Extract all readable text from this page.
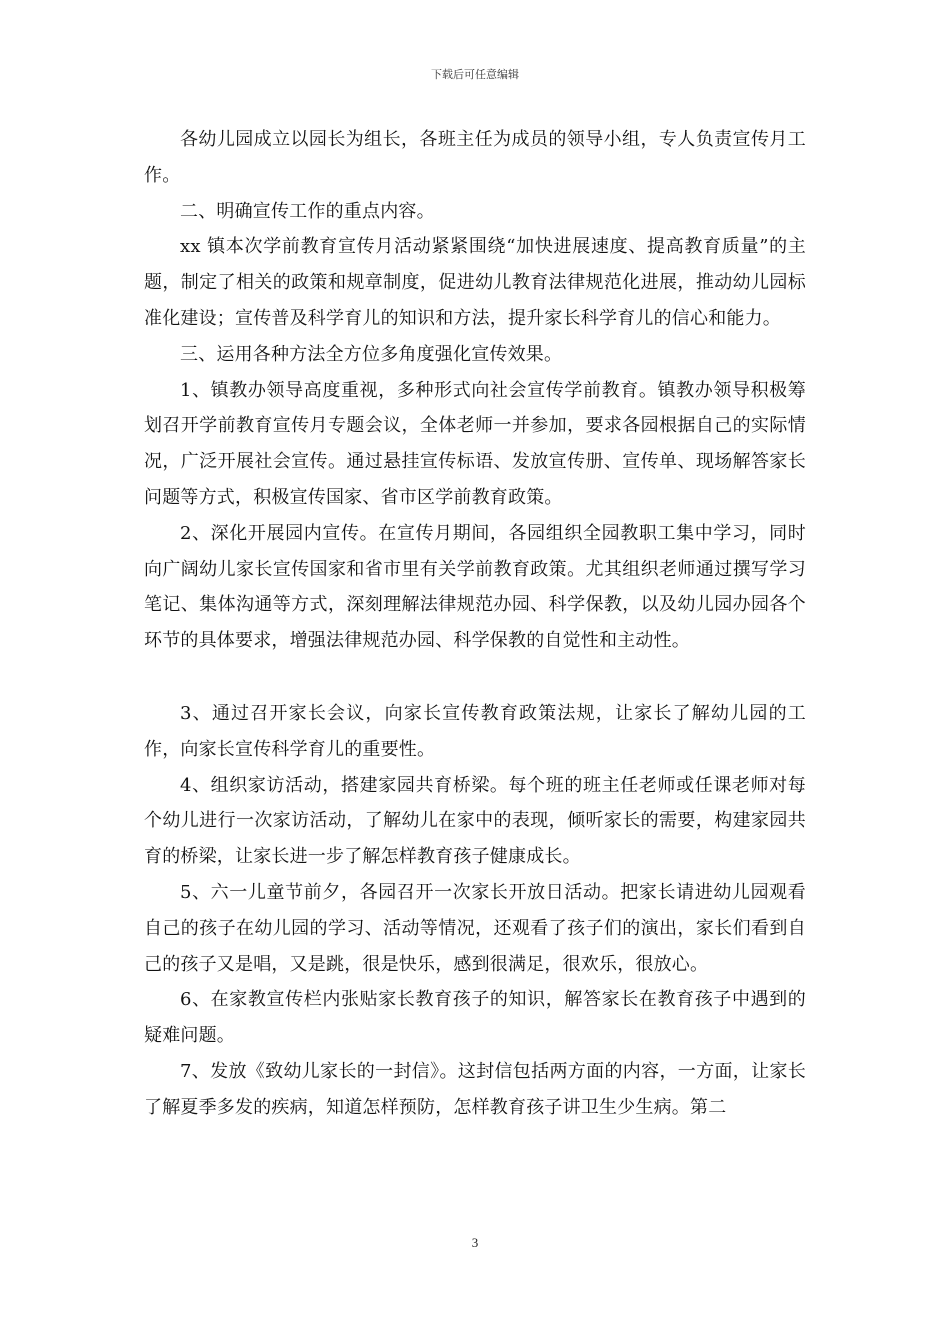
下载后可任意编辑

各幼儿园成立以园长为组长，各班主任为成员的领导小组，专人负责宣传月工作。

二、明确宣传工作的重点内容。

xx 镇本次学前教育宣传月活动紧紧围绕“加快进展速度、提高教育质量”的主题，制定了相关的政策和规章制度，促进幼儿教育法律规范化进展，推动幼儿园标准化建设；宣传普及科学育儿的知识和方法，提升家长科学育儿的信心和能力。

三、运用各种方法全方位多角度强化宣传效果。

1、镇教办领导高度重视，多种形式向社会宣传学前教育。镇教办领导积极筹划召开学前教育宣传月专题会议，全体老师一并参加，要求各园根据自己的实际情况，广泛开展社会宣传。通过悬挂宣传标语、发放宣传册、宣传单、现场解答家长问题等方式，积极宣传国家、省市区学前教育政策。

2、深化开展园内宣传。在宣传月期间，各园组织全园教职工集中学习，同时向广阔幼儿家长宣传国家和省市里有关学前教育政策。尤其组织老师通过撰写学习笔记、集体沟通等方式，深刻理解法律规范办园、科学保教，以及幼儿园办园各个环节的具体要求，增强法律规范办园、科学保教的自觉性和主动性。

3、通过召开家长会议，向家长宣传教育政策法规，让家长了解幼儿园的工作，向家长宣传科学育儿的重要性。

4、组织家访活动，搭建家园共育桥梁。每个班的班主任老师或任课老师对每个幼儿进行一次家访活动，了解幼儿在家中的表现，倾听家长的需要，构建家园共育的桥梁，让家长进一步了解怎样教育孩子健康成长。

5、六一儿童节前夕，各园召开一次家长开放日活动。把家长请进幼儿园观看自己的孩子在幼儿园的学习、活动等情况，还观看了孩子们的演出，家长们看到自己的孩子又是唱，又是跳，很是快乐，感到很满足，很欢乐，很放心。

6、在家教宣传栏内张贴家长教育孩子的知识，解答家长在教育孩子中遇到的疑难问题。

7、发放《致幼儿家长的一封信》。这封信包括两方面的内容，一方面，让家长了解夏季多发的疾病，知道怎样预防，怎样教育孩子讲卫生少生病。第二

3
